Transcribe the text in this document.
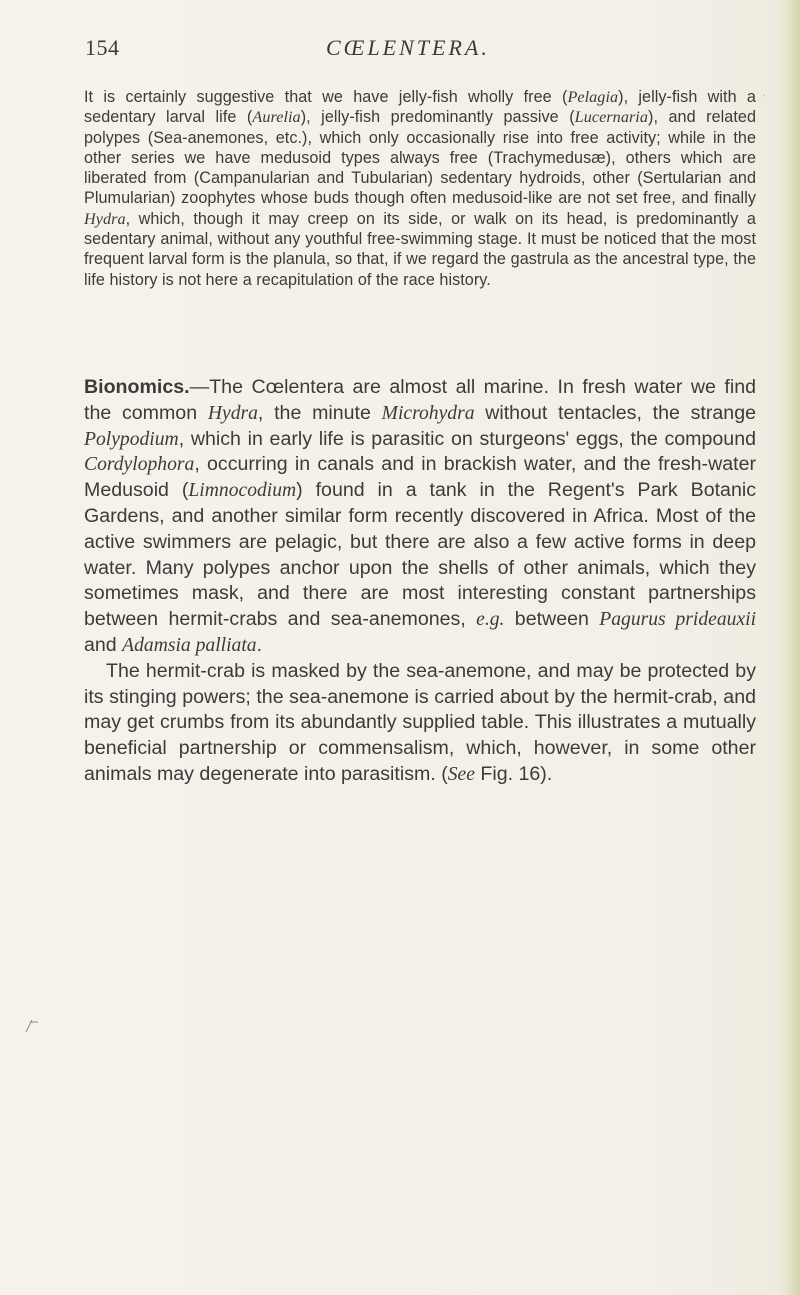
154	CŒLENTERA.
ˈ
It is certainly suggestive that we have jelly-fish wholly free (Pelagia), jelly-fish with a sedentary larval life (Aurelia), jelly-fish predominantly passive (Lucernaria), and related polypes (Sea-anemones, etc.), which only occasionally rise into free activity; while in the other series we have medusoid types always free (Trachymedusæ), others which are liberated from (Campanularian and Tubularian) sedentary hydroids, other (Sertularian and Plumularian) zoophytes whose buds though often medusoid-like are not set free, and finally Hydra, which, though it may creep on its side, or walk on its head, is predominantly a sedentary animal, without any youthful free-swimming stage. It must be noticed that the most frequent larval form is the planula, so that, if we regard the gastrula as the ancestral type, the life history is not here a recapitulation of the race history.

Bionomics.—The Cœlentera are almost all marine. In fresh water we find the common Hydra, the minute Microhydra without tentacles, the strange Polypodium, which in early life is parasitic on sturgeons' eggs, the compound Cordylophora, occurring in canals and in brackish water, and the fresh-water Medusoid (Limnocodium) found in a tank in the Regent's Park Botanic Gardens, and another similar form recently discovered in Africa. Most of the active swimmers are pelagic, but there are also a few active forms in deep water. Many polypes anchor upon the shells of other animals, which they sometimes mask, and there are most interesting constant partnerships between hermit-crabs and sea-anemones, e.g. between Pagurus prideauxii and Adamsia palliata.

The hermit-crab is masked by the sea-anemone, and may be protected by its stinging powers; the sea-anemone is carried about by the hermit-crab, and may get crumbs from its abundantly supplied table. This illustrates a mutually beneficial partnership or commensalism, which, however, in some other animals may degenerate into parasitism. (See Fig. 16).
